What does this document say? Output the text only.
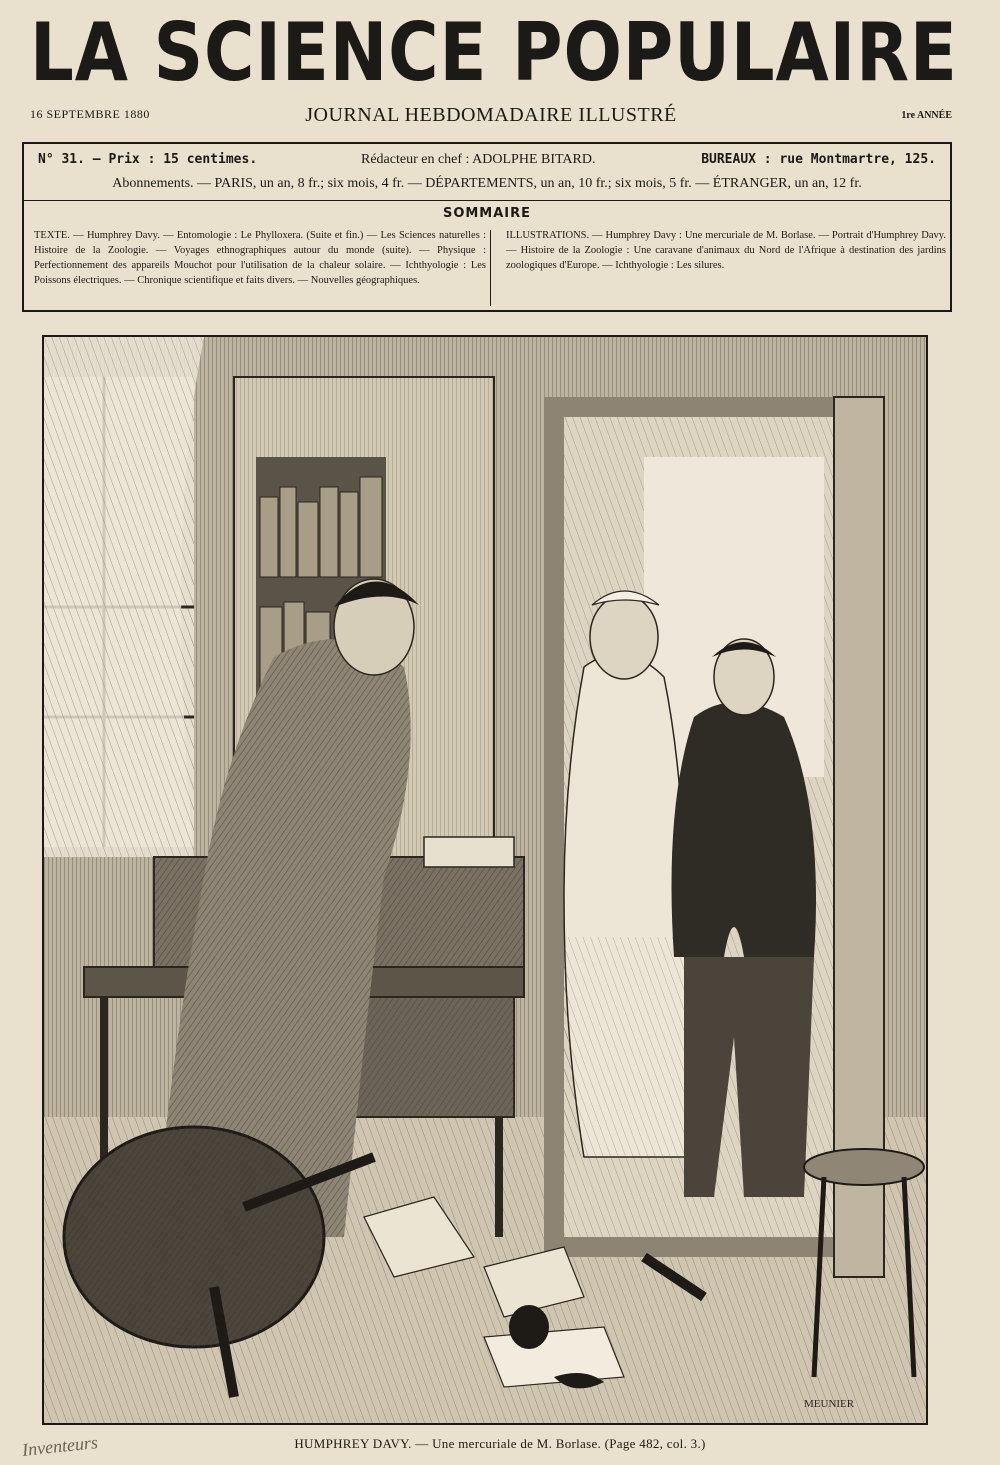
LA SCIENCE POPULAIRE
16 SEPTEMBRE 1880	JOURNAL HEBDOMADAIRE ILLUSTRÉ	1re ANNÉE
N° 31. — Prix : 15 centimes.	Rédacteur en chef : ADOLPHE BITARD.	BUREAUX : rue Montmartre, 125.
Abonnements. — PARIS, un an, 8 fr.; six mois, 4 fr. — DÉPARTEMENTS, un an, 10 fr.; six mois, 5 fr. — ÉTRANGER, un an, 12 fr.
SOMMAIRE
TEXTE. — Humphrey Davy. — Entomologie : Le Phylloxera. (Suite et fin.) — Les Sciences naturelles : Histoire de la Zoologie. — Voyages ethnographiques autour du monde (suite). — Physique : Perfectionnement des appareils Mouchot pour l'utilisation de la chaleur solaire. — Ichthyologie : Les Poissons électriques. — Chronique scientifique et faits divers. — Nouvelles géographiques.
ILLUSTRATIONS. — Humphrey Davy : Une mercuriale de M. Borlase. — Portrait d'Humphrey Davy. — Histoire de la Zoologie : Une caravane d'animaux du Nord de l'Afrique à destination des jardins zoologiques d'Europe. — Ichthyologie : Les silures.
MEUNIER
Inventeurs	HUMPHREY DAVY. — Une mercuriale de M. Borlase. (Page 482, col. 3.)
